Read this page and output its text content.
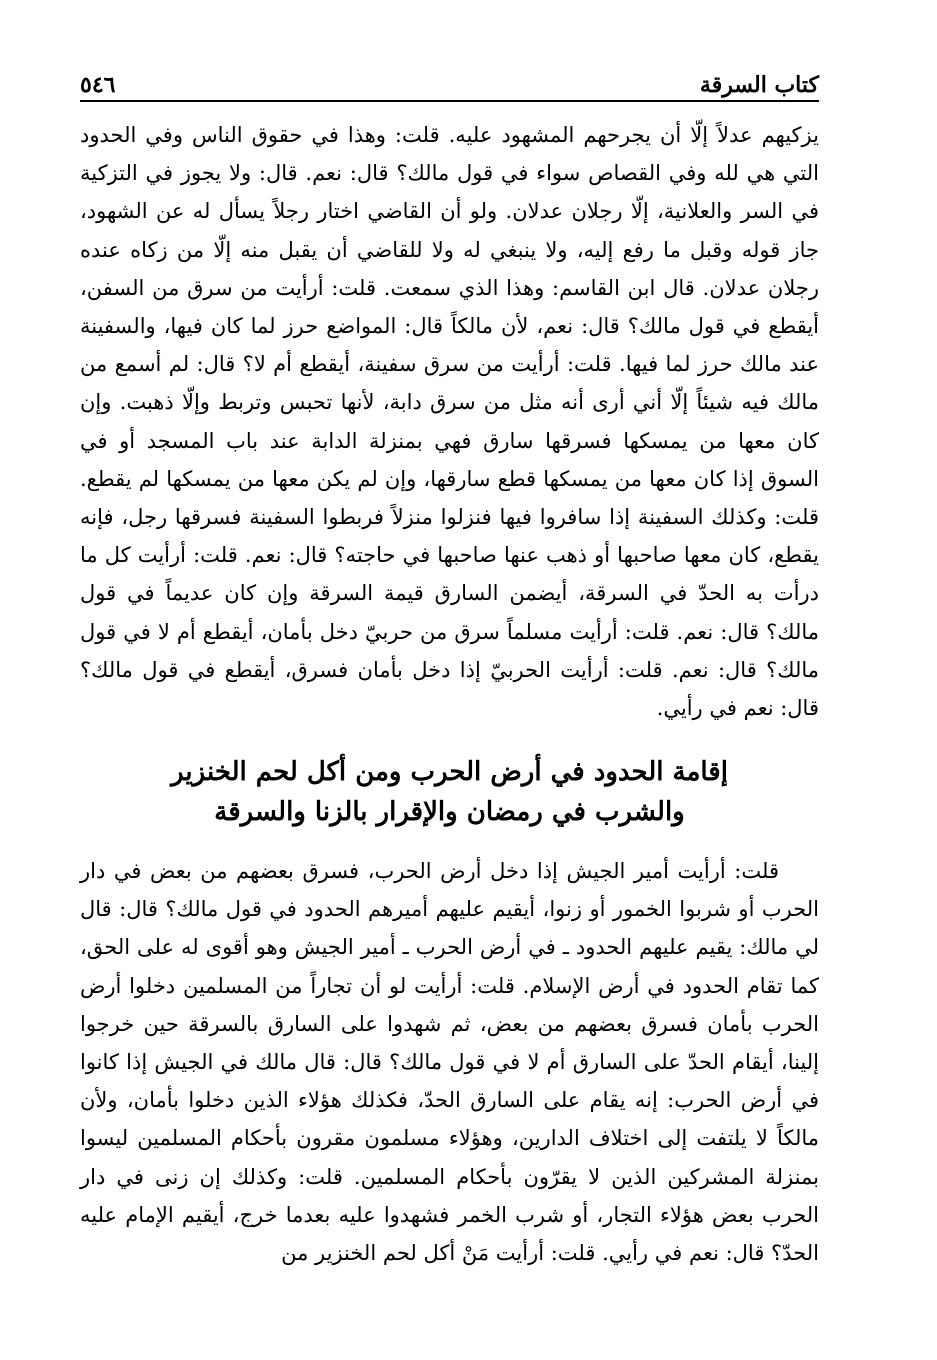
كتاب السرقة
٥٤٦
يزكيهم عدلاً إلّا أن يجرحهم المشهود عليه. قلت: وهذا في حقوق الناس وفي الحدود التي هي لله وفي القصاص سواء في قول مالك؟ قال: نعم. قال: ولا يجوز في التزكية في السر والعلانية، إلّا رجلان عدلان. ولو أن القاضي اختار رجلاً يسأل له عن الشهود، جاز قوله وقبل ما رفع إليه، ولا ينبغي له ولا للقاضي أن يقبل منه إلّا من زكاه عنده رجلان عدلان. قال ابن القاسم: وهذا الذي سمعت. قلت: أرأيت من سرق من السفن، أيقطع في قول مالك؟ قال: نعم، لأن مالكاً قال: المواضع حرز لما كان فيها، والسفينة عند مالك حرز لما فيها. قلت: أرأيت من سرق سفينة، أيقطع أم لا؟ قال: لم أسمع من مالك فيه شيئاً إلّا أني أرى أنه مثل من سرق دابة، لأنها تحبس وتربط وإلّا ذهبت. وإن كان معها من يمسكها فسرقها سارق فهي بمنزلة الدابة عند باب المسجد أو في السوق إذا كان معها من يمسكها قطع سارقها، وإن لم يكن معها من يمسكها لم يقطع. قلت: وكذلك السفينة إذا سافروا فيها فنزلوا منزلاً فربطوا السفينة فسرقها رجل، فإنه يقطع، كان معها صاحبها أو ذهب عنها صاحبها في حاجته؟ قال: نعم. قلت: أرأيت كل ما درأت به الحدّ في السرقة، أيضمن السارق قيمة السرقة وإن كان عديماً في قول مالك؟ قال: نعم. قلت: أرأيت مسلماً سرق من حربيّ دخل بأمان، أيقطع أم لا في قول مالك؟ قال: نعم. قلت: أرأيت الحربيّ إذا دخل بأمان فسرق، أيقطع في قول مالك؟ قال: نعم في رأيي.
إقامة الحدود في أرض الحرب ومن أكل لحم الخنزير
والشرب في رمضان والإقرار بالزنا والسرقة
قلت: أرأيت أمير الجيش إذا دخل أرض الحرب، فسرق بعضهم من بعض في دار الحرب أو شربوا الخمور أو زنوا، أيقيم عليهم أميرهم الحدود في قول مالك؟ قال: قال لي مالك: يقيم عليهم الحدود ـ في أرض الحرب ـ أمير الجيش وهو أقوى له على الحق، كما تقام الحدود في أرض الإسلام. قلت: أرأيت لو أن تجاراً من المسلمين دخلوا أرض الحرب بأمان فسرق بعضهم من بعض، ثم شهدوا على السارق بالسرقة حين خرجوا إلينا، أيقام الحدّ على السارق أم لا في قول مالك؟ قال: قال مالك في الجيش إذا كانوا في أرض الحرب: إنه يقام على السارق الحدّ، فكذلك هؤلاء الذين دخلوا بأمان، ولأن مالكاً لا يلتفت إلى اختلاف الدارين، وهؤلاء مسلمون مقرون بأحكام المسلمين ليسوا بمنزلة المشركين الذين لا يقرّون بأحكام المسلمين. قلت: وكذلك إن زنى في دار الحرب بعض هؤلاء التجار، أو شرب الخمر فشهدوا عليه بعدما خرج، أيقيم الإمام عليه الحدّ؟ قال: نعم في رأيي. قلت: أرأيت مَنْ أكل لحم الخنزير من
